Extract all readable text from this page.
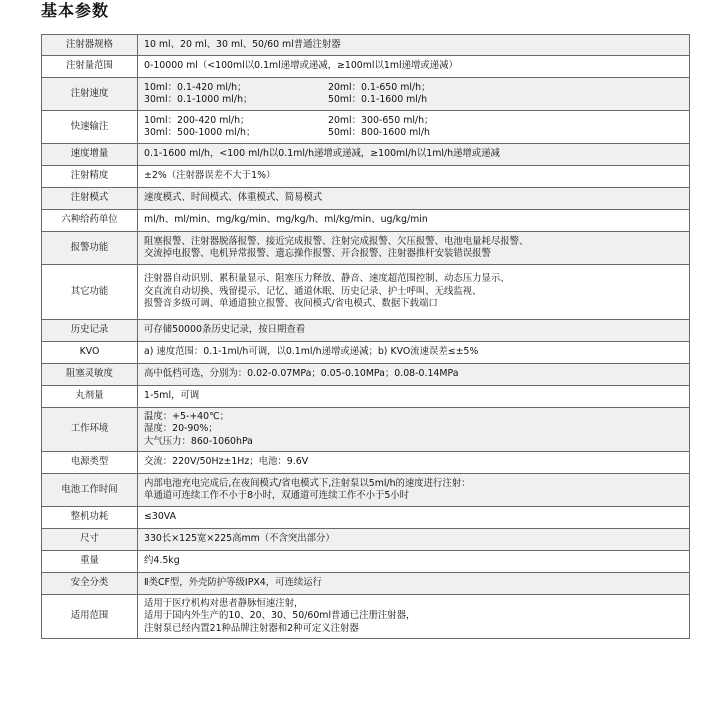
基本参数
注射器规格	10 ml、20 ml、30 ml、50/60 ml普通注射器

注射量范围	0-10000 ml（<100ml以0.1ml递增或递减，≥100ml以1ml递增或递减）

注射速度	10ml：0.1-420 ml/h； 20ml：0.1-650 ml/h；
30ml：0.1-1000 ml/h； 50ml：0.1-1600 ml/h

快速输注	10ml：200-420 ml/h； 20ml：300-650 ml/h；
30ml：500-1000 ml/h； 50ml：800-1600 ml/h

速度增量	0.1-1600 ml/h，<100 ml/h以0.1ml/h递增或递减，≥100ml/h以1ml/h递增或递减

注射精度	±2%（注射器误差不大于1%）

注射模式	速度模式、时间模式、体重模式、简易模式

六种给药单位	ml/h、ml/min、mg/kg/min、mg/kg/h、ml/kg/min、ug/kg/min

报警功能	阻塞报警、注射器脱落报警、接近完成报警、注射完成报警、欠压报警、电池电量耗尽报警、
交流掉电报警、电机异常报警、遗忘操作报警、开合报警、注射器推杆安装错误报警

其它功能	注射器自动识别、累积量显示、阻塞压力释放、静音、速度超范围控制、动态压力显示、
交直流自动切换、残留提示、记忆、通道休眠、历史记录、护士呼叫、无线监视、
报警音多级可调、单通道独立报警、夜间模式/省电模式、数据下载端口

历史记录	可存储50000条历史记录，按日期查看

KVO	a) 速度范围：0.1-1ml/h可调，以0.1ml/h递增或递减；b) KVO流速误差≤±5%

阻塞灵敏度	高中低档可选，分别为：0.02-0.07MPa；0.05-0.10MPa；0.08-0.14MPa

丸剂量	1-5ml，可调

工作环境	温度：+5-+40℃；
湿度：20-90%；
大气压力：860-1060hPa

电源类型	交流：220V/50Hz±1Hz；电池：9.6V

电池工作时间	内部电池充电完成后,在夜间模式/省电模式下,注射泵以5ml/h的速度进行注射：
单通道可连续工作不小于8小时，双通道可连续工作不小于5小时

整机功耗	≤30VA

尺寸	330长×125宽×225高mm（不含突出部分）

重量	约4.5kg

安全分类	Ⅱ类CF型，外壳防护等级IPX4，可连续运行

适用范围	适用于医疗机构对患者静脉恒速注射，
适用于国内外生产的10、20、30、50/60ml普通已注册注射器，
注射泵已经内置21种品牌注射器和2种可定义注射器
